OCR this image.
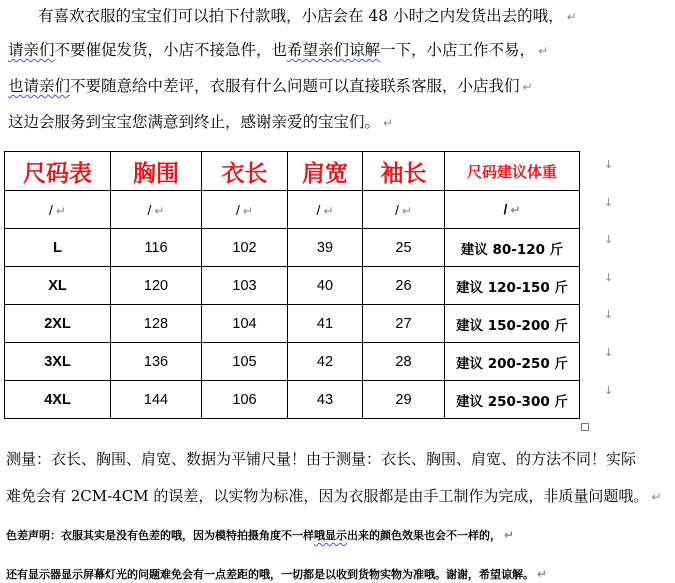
有喜欢衣服的宝宝们可以拍下付款哦，小店会在 48 小时之内发货出去的哦， ↵
请亲们不要催促发货，小店不接急件，也希望亲们谅解一下，小店工作不易， ↵
也请亲们不要随意给中差评，衣服有什么问题可以直接联系客服，小店我们 ↵
这边会服务到宝宝您满意到终止，感谢亲爱的宝宝们。 ↵
尺码表	胸围	衣长	肩宽	袖长	尺码建议体重
/ ↵	/ ↵	/ ↵	/ ↵	/ ↵	/ ↵
L	116	102	39	25	建议 80-120 斤
XL	120	103	40	26	建议 120-150 斤
2XL	128	104	41	27	建议 150-200 斤
3XL	136	105	42	28	建议 200-250 斤
4XL	144	106	43	29	建议 250-300 斤
↓
↓
↓
↓
↓
↓
↓
测量：衣长、胸围、肩宽、数据为平铺尺量！由于测量：衣长、胸围、肩宽、的方法不同！实际
难免会有 2CM-4CM 的误差，以实物为标准，因为衣服都是由手工制作为完成，非质量问题哦。 ↵
色差声明：衣服其实是没有色差的哦，因为模特拍摄角度不一样哦显示出来的颜色效果也会不一样的， ↵
还有显示器显示屏幕灯光的问题难免会有一点差距的哦，一切都是以收到货物实物为准哦。谢谢，希望谅解。 ↵
